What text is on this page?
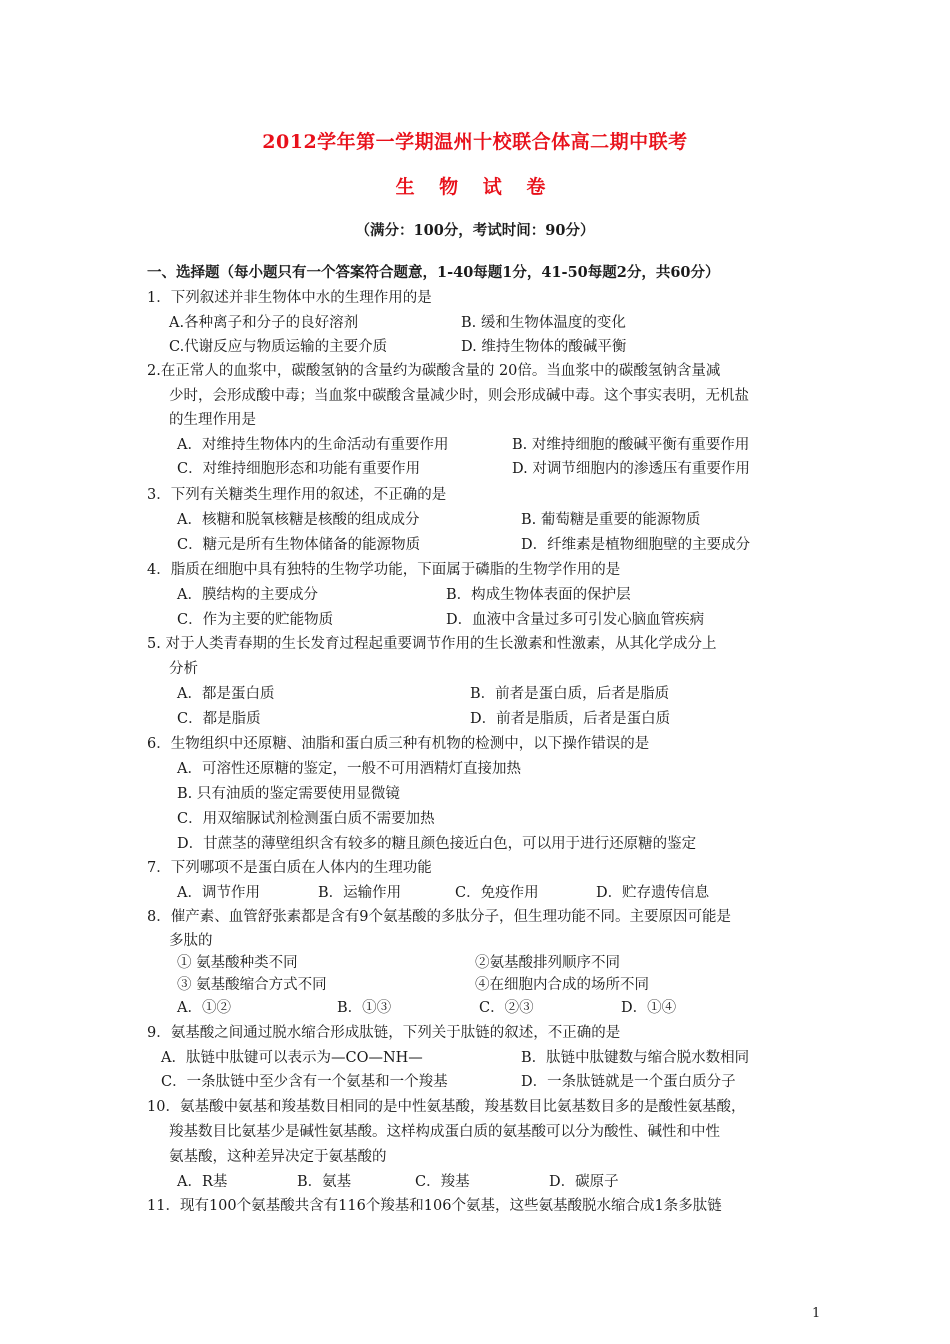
2012学年第一学期温州十校联合体高二期中联考
生 物 试 卷
（满分：100分，考试时间：90分）
一、选择题（每小题只有一个答案符合题意，1-40每题1分，41-50每题2分，共60分）
1．下列叙述并非生物体中水的生理作用的是
A.各种离子和分子的良好溶剂	B. 缓和生物体温度的变化
C.代谢反应与物质运输的主要介质	D. 维持生物体的酸碱平衡
2.在正常人的血浆中，碳酸氢钠的含量约为碳酸含量的 20倍。当血浆中的碳酸氢钠含量减
少时，会形成酸中毒；当血浆中碳酸含量减少时，则会形成碱中毒。这个事实表明，无机盐
的生理作用是
A．对维持生物体内的生命活动有重要作用	B. 对维持细胞的酸碱平衡有重要作用
C．对维持细胞形态和功能有重要作用	D. 对调节细胞内的渗透压有重要作用
3．下列有关糖类生理作用的叙述，不正确的是
A．核糖和脱氧核糖是核酸的组成成分	B. 葡萄糖是重要的能源物质
C．糖元是所有生物体储备的能源物质	D．纤维素是植物细胞壁的主要成分
4．脂质在细胞中具有独特的生物学功能，下面属于磷脂的生物学作用的是
A．膜结构的主要成分	B．构成生物体表面的保护层
C．作为主要的贮能物质	D．血液中含量过多可引发心脑血管疾病
5. 对于人类青春期的生长发育过程起重要调节作用的生长激素和性激素，从其化学成分上
分析
A．都是蛋白质	B．前者是蛋白质，后者是脂质
C．都是脂质	D．前者是脂质，后者是蛋白质
6．生物组织中还原糖、油脂和蛋白质三种有机物的检测中，以下操作错误的是
A．可溶性还原糖的鉴定，一般不可用酒精灯直接加热
B. 只有油质的鉴定需要使用显微镜
C．用双缩脲试剂检测蛋白质不需要加热
D．甘蔗茎的薄壁组织含有较多的糖且颜色接近白色，可以用于进行还原糖的鉴定
7．下列哪项不是蛋白质在人体内的生理功能
A．调节作用	B．运输作用	C．免疫作用	D．贮存遗传信息
8．催产素、血管舒张素都是含有9个氨基酸的多肽分子，但生理功能不同。主要原因可能是
多肽的
① 氨基酸种类不同	②氨基酸排列顺序不同
③ 氨基酸缩合方式不同	④在细胞内合成的场所不同
A．①②	B．①③	C．②③	D．①④
9．氨基酸之间通过脱水缩合形成肽链，下列关于肽链的叙述，不正确的是
A．肽链中肽键可以表示为—CO—NH—	B．肽链中肽键数与缩合脱水数相同
C．一条肽链中至少含有一个氨基和一个羧基	D．一条肽链就是一个蛋白质分子
10．氨基酸中氨基和羧基数目相同的是中性氨基酸，羧基数目比氨基数目多的是酸性氨基酸，
羧基数目比氨基少是碱性氨基酸。这样构成蛋白质的氨基酸可以分为酸性、碱性和中性
氨基酸，这种差异决定于氨基酸的
A．R基	B．氨基	C．羧基	D．碳原子
11．现有100个氨基酸共含有116个羧基和106个氨基，这些氨基酸脱水缩合成1条多肽链
1
